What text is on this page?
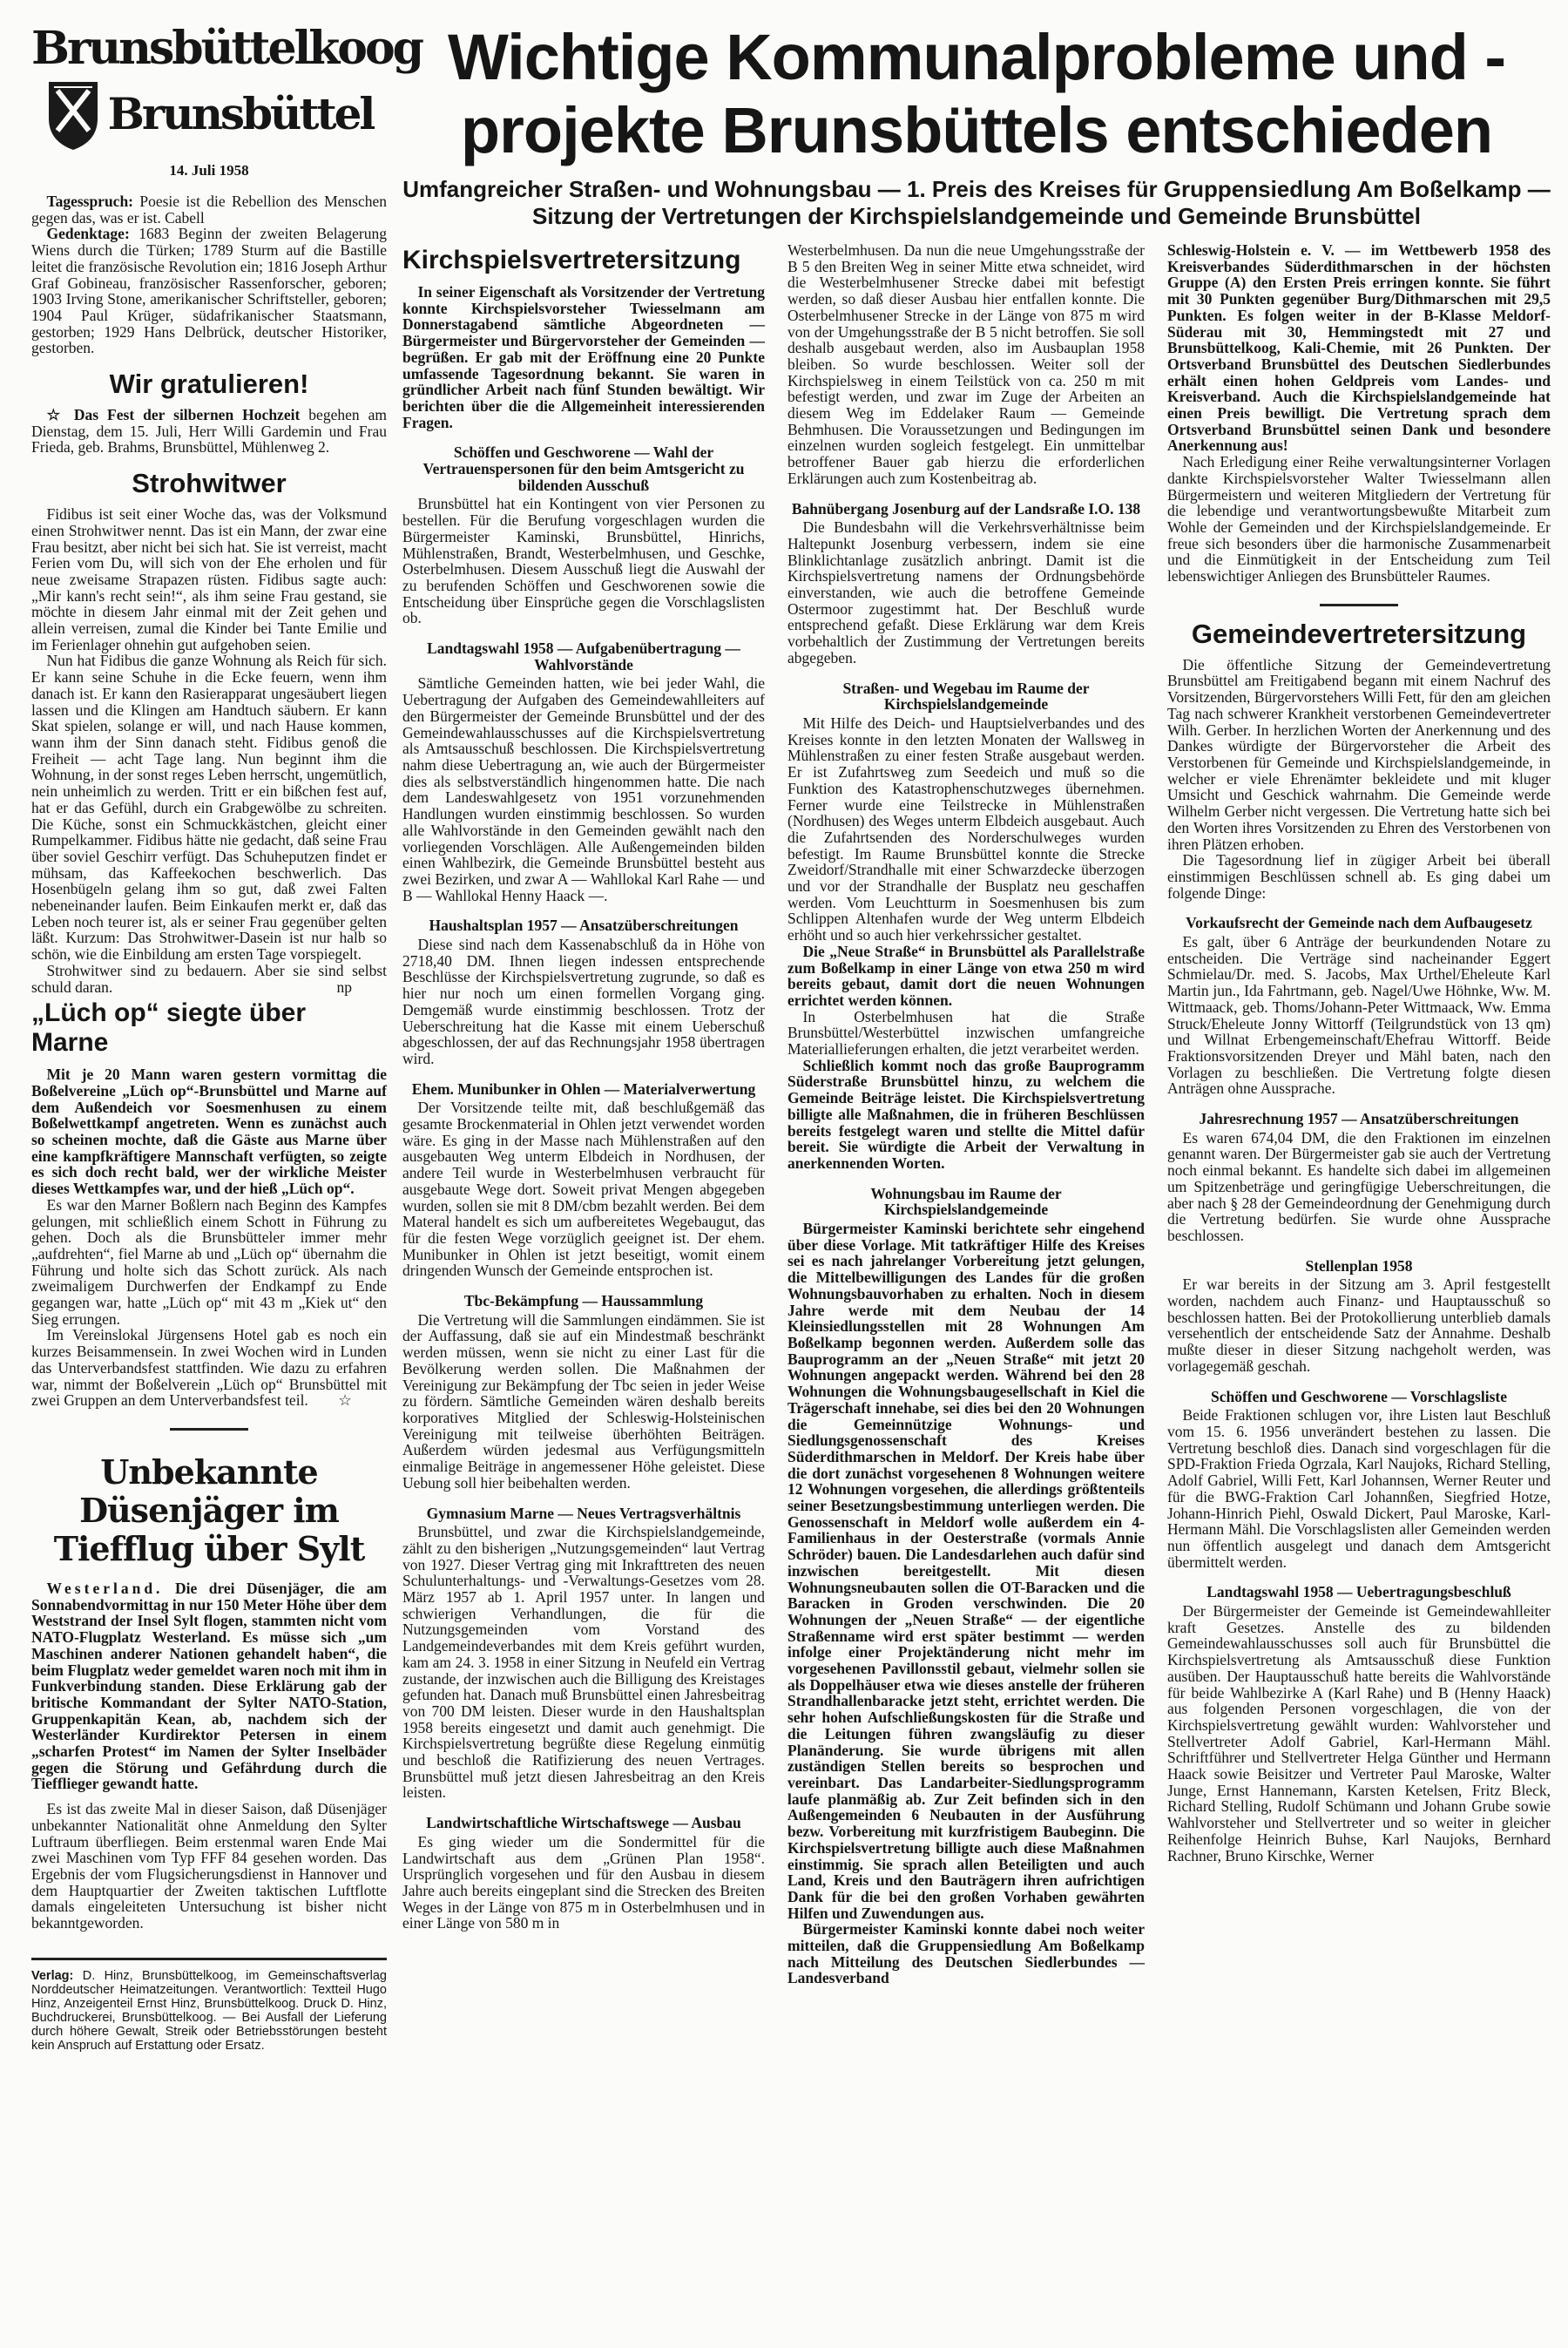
Brunsbüttelkoog
Brunsbüttel
14. Juli 1958
Tagesspruch: Poesie ist die Rebellion des Menschen gegen das, was er ist. Cabell
Gedenktage: 1683 Beginn der zweiten Belagerung Wiens durch die Türken; 1789 Sturm auf die Bastille leitet die französische Revolution ein; 1816 Joseph Arthur Graf Gobineau, französischer Rassenforscher, geboren; 1903 Irving Stone, amerikanischer Schriftsteller, geboren; 1904 Paul Krüger, südafrikanischer Staatsmann, gestorben; 1929 Hans Delbrück, deutscher Historiker, gestorben.
Wir gratulieren!
☆ Das Fest der silbernen Hochzeit begehen am Dienstag, dem 15. Juli, Herr Willi Gardemin und Frau Frieda, geb. Brahms, Brunsbüttel, Mühlenweg 2.
Strohwitwer
Fidibus ist seit einer Woche das, was der Volksmund einen Strohwitwer nennt. Das ist ein Mann, der zwar eine Frau besitzt, aber nicht bei sich hat. Sie ist verreist, macht Ferien vom Du, will sich von der Ehe erholen und für neue zweisame Strapazen rüsten. Fidibus sagte auch: „Mir kann's recht sein!“, als ihm seine Frau gestand, sie möchte in diesem Jahr einmal mit der Zeit gehen und allein verreisen, zumal die Kinder bei Tante Emilie und im Ferienlager ohnehin gut aufgehoben seien.
Nun hat Fidibus die ganze Wohnung als Reich für sich. Er kann seine Schuhe in die Ecke feuern, wenn ihm danach ist. Er kann den Rasierapparat ungesäubert liegen lassen und die Klingen am Handtuch säubern. Er kann Skat spielen, solange er will, und nach Hause kommen, wann ihm der Sinn danach steht. Fidibus genoß die Freiheit — acht Tage lang. Nun beginnt ihm die Wohnung, in der sonst reges Leben herrscht, ungemütlich, nein unheimlich zu werden. Tritt er ein bißchen fest auf, hat er das Gefühl, durch ein Grabgewölbe zu schreiten. Die Küche, sonst ein Schmuckkästchen, gleicht einer Rumpelkammer. Fidibus hätte nie gedacht, daß seine Frau über soviel Geschirr verfügt. Das Schuheputzen findet er mühsam, das Kaffeekochen beschwerlich. Das Hosenbügeln gelang ihm so gut, daß zwei Falten nebeneinander laufen. Beim Einkaufen merkt er, daß das Leben noch teurer ist, als er seiner Frau gegenüber gelten läßt. Kurzum: Das Strohwitwer-Dasein ist nur halb so schön, wie die Einbildung am ersten Tage vorspiegelt.
Strohwitwer sind zu bedauern. Aber sie sind selbst schuld daran.	np
„Lüch op“ siegte über Marne
Mit je 20 Mann waren gestern vormittag die Boßelvereine „Lüch op“-Brunsbüttel und Marne auf dem Außendeich vor Soesmenhusen zu einem Boßelwettkampf angetreten. Wenn es zunächst auch so scheinen mochte, daß die Gäste aus Marne über eine kampfkräftigere Mannschaft verfügten, so zeigte es sich doch recht bald, wer der wirkliche Meister dieses Wettkampfes war, und der hieß „Lüch op“.
Es war den Marner Boßlern nach Beginn des Kampfes gelungen, mit schließlich einem Schott in Führung zu gehen. Doch als die Brunsbütteler immer mehr „aufdrehten“, fiel Marne ab und „Lüch op“ übernahm die Führung und holte sich das Schott zurück. Als nach zweimaligem Durchwerfen der Endkampf zu Ende gegangen war, hatte „Lüch op“ mit 43 m „Kiek ut“ den Sieg errungen.
Im Vereinslokal Jürgensens Hotel gab es noch ein kurzes Beisammensein. In zwei Wochen wird in Lunden das Unterverbandsfest stattfinden. Wie dazu zu erfahren war, nimmt der Boßelverein „Lüch op“ Brunsbüttel mit zwei Gruppen an dem Unterverbandsfest teil.	☆
Unbekannte Düsenjäger im Tiefflug über Sylt
Westerland. Die drei Düsenjäger, die am Sonnabendvormittag in nur 150 Meter Höhe über dem Weststrand der Insel Sylt flogen, stammten nicht vom NATO-Flugplatz Westerland. Es müsse sich „um Maschinen anderer Nationen gehandelt haben“, die beim Flugplatz weder gemeldet waren noch mit ihm in Funkverbindung standen. Diese Erklärung gab der britische Kommandant der Sylter NATO-Station, Gruppenkapitän Kean, ab, nachdem sich der Westerländer Kurdirektor Petersen in einem „scharfen Protest“ im Namen der Sylter Inselbäder gegen die Störung und Gefährdung durch die Tiefflieger gewandt hatte.
Es ist das zweite Mal in dieser Saison, daß Düsenjäger unbekannter Nationalität ohne Anmeldung den Sylter Luftraum überfliegen. Beim erstenmal waren Ende Mai zwei Maschinen vom Typ FFF 84 gesehen worden. Das Ergebnis der vom Flugsicherungsdienst in Hannover und dem Hauptquartier der Zweiten taktischen Luftflotte damals eingeleiteten Untersuchung ist bisher nicht bekanntgeworden.
Verlag: D. Hinz, Brunsbüttelkoog, im Gemeinschaftsverlag Norddeutscher Heimatzeitungen. Verantwortlich: Textteil Hugo Hinz, Anzeigenteil Ernst Hinz, Brunsbüttelkoog. Druck D. Hinz, Buchdruckerei, Brunsbüttelkoog. — Bei Ausfall der Lieferung durch höhere Gewalt, Streik oder Betriebsstörungen besteht kein Anspruch auf Erstattung oder Ersatz.
Wichtige Kommunalprobleme und -projekte Brunsbüttels entschieden
Umfangreicher Straßen- und Wohnungsbau — 1. Preis des Kreises für Gruppensiedlung Am Boßelkamp — Sitzung der Vertretungen der Kirchspielslandgemeinde und Gemeinde Brunsbüttel
Kirchspielsvertretersitzung
In seiner Eigenschaft als Vorsitzender der Vertretung konnte Kirchspielsvorsteher Twiesselmann am Donnerstagabend sämtliche Abgeordneten — Bürgermeister und Bürgervorsteher der Gemeinden — begrüßen. Er gab mit der Eröffnung eine 20 Punkte umfassende Tagesordnung bekannt. Sie waren in gründlicher Arbeit nach fünf Stunden bewältigt. Wir berichten über die die Allgemeinheit interessierenden Fragen.
Schöffen und Geschworene — Wahl der Vertrauenspersonen für den beim Amtsgericht zu bildenden Ausschuß
Brunsbüttel hat ein Kontingent von vier Personen zu bestellen. Für die Berufung vorgeschlagen wurden die Bürgermeister Kaminski, Brunsbüttel, Hinrichs, Mühlenstraßen, Brandt, Westerbelmhusen, und Geschke, Osterbelmhusen. Diesem Ausschuß liegt die Auswahl der zu berufenden Schöffen und Geschworenen sowie die Entscheidung über Einsprüche gegen die Vorschlagslisten ob.
Landtagswahl 1958 — Aufgabenübertragung — Wahlvorstände
Sämtliche Gemeinden hatten, wie bei jeder Wahl, die Uebertragung der Aufgaben des Gemeindewahlleiters auf den Bürgermeister der Gemeinde Brunsbüttel und der des Gemeindewahlausschusses auf die Kirchspielsvertretung als Amtsausschuß beschlossen. Die Kirchspielsvertretung nahm diese Uebertragung an, wie auch der Bürgermeister dies als selbstverständlich hingenommen hatte. Die nach dem Landeswahlgesetz von 1951 vorzunehmenden Handlungen wurden einstimmig beschlossen. So wurden alle Wahlvorstände in den Gemeinden gewählt nach den vorliegenden Vorschlägen. Alle Außengemeinden bilden einen Wahlbezirk, die Gemeinde Brunsbüttel besteht aus zwei Bezirken, und zwar A — Wahllokal Karl Rahe — und B — Wahllokal Henny Haack —.
Haushaltsplan 1957 — Ansatzüberschreitungen
Diese sind nach dem Kassenabschluß da in Höhe von 2718,40 DM. Ihnen liegen indessen entsprechende Beschlüsse der Kirchspielsvertretung zugrunde, so daß es hier nur noch um einen formellen Vorgang ging. Demgemäß wurde einstimmig beschlossen. Trotz der Ueberschreitung hat die Kasse mit einem Ueberschuß abgeschlossen, der auf das Rechnungsjahr 1958 übertragen wird.
Ehem. Munibunker in Ohlen — Materialverwertung
Der Vorsitzende teilte mit, daß beschlußgemäß das gesamte Brockenmaterial in Ohlen jetzt verwendet worden wäre. Es ging in der Masse nach Mühlenstraßen auf den ausgebauten Weg unterm Elbdeich in Nordhusen, der andere Teil wurde in Westerbelmhusen verbraucht für ausgebaute Wege dort. Soweit privat Mengen abgegeben wurden, sollen sie mit 8 DM/cbm bezahlt werden. Bei dem Materal handelt es sich um aufbereitetes Wegebaugut, das für die festen Wege vorzüglich geeignet ist. Der ehem. Munibunker in Ohlen ist jetzt beseitigt, womit einem dringenden Wunsch der Gemeinde entsprochen ist.
Tbc-Bekämpfung — Haussammlung
Die Vertretung will die Sammlungen eindämmen. Sie ist der Auffassung, daß sie auf ein Mindestmaß beschränkt werden müssen, wenn sie nicht zu einer Last für die Bevölkerung werden sollen. Die Maßnahmen der Vereinigung zur Bekämpfung der Tbc seien in jeder Weise zu fördern. Sämtliche Gemeinden wären deshalb bereits korporatives Mitglied der Schleswig-Holsteinischen Vereinigung mit teilweise überhöhten Beiträgen. Außerdem würden jedesmal aus Verfügungsmitteln einmalige Beiträge in angemessener Höhe geleistet. Diese Uebung soll hier beibehalten werden.
Gymnasium Marne — Neues Vertragsverhältnis
Brunsbüttel, und zwar die Kirchspielslandgemeinde, zählt zu den bisherigen „Nutzungsgemeinden“ laut Vertrag von 1927. Dieser Vertrag ging mit Inkrafttreten des neuen Schulunterhaltungs- und -Verwaltungs-Gesetzes vom 28. März 1957 ab 1. April 1957 unter. In langen und schwierigen Verhandlungen, die für die Nutzungsgemeinden vom Vorstand des Landgemeindeverbandes mit dem Kreis geführt wurden, kam am 24. 3. 1958 in einer Sitzung in Neufeld ein Vertrag zustande, der inzwischen auch die Billigung des Kreistages gefunden hat. Danach muß Brunsbüttel einen Jahresbeitrag von 700 DM leisten. Dieser wurde in den Haushaltsplan 1958 bereits eingesetzt und damit auch genehmigt. Die Kirchspielsvertretung begrüßte diese Regelung einmütig und beschloß die Ratifizierung des neuen Vertrages. Brunsbüttel muß jetzt diesen Jahresbeitrag an den Kreis leisten.
Landwirtschaftliche Wirtschaftswege — Ausbau
Es ging wieder um die Sondermittel für die Landwirtschaft aus dem „Grünen Plan 1958“. Ursprünglich vorgesehen und für den Ausbau in diesem Jahre auch bereits eingeplant sind die Strecken des Breiten Weges in der Länge von 875 m in Osterbelmhusen und in einer Länge von 580 m in
Westerbelmhusen. Da nun die neue Umgehungsstraße der B 5 den Breiten Weg in seiner Mitte etwa schneidet, wird die Westerbelmhusener Strecke dabei mit befestigt werden, so daß dieser Ausbau hier entfallen konnte. Die Osterbelmhusener Strecke in der Länge von 875 m wird von der Umgehungsstraße der B 5 nicht betroffen. Sie soll deshalb ausgebaut werden, also im Ausbauplan 1958 bleiben. So wurde beschlossen. Weiter soll der Kirchspielsweg in einem Teilstück von ca. 250 m mit befestigt werden, und zwar im Zuge der Arbeiten an diesem Weg im Eddelaker Raum — Gemeinde Behmhusen. Die Voraussetzungen und Bedingungen im einzelnen wurden sogleich festgelegt. Ein unmittelbar betroffener Bauer gab hierzu die erforderlichen Erklärungen auch zum Kostenbeitrag ab.
Bahnübergang Josenburg auf der Landsraße I.O. 138
Die Bundesbahn will die Verkehrsverhältnisse beim Haltepunkt Josenburg verbessern, indem sie eine Blinklichtanlage zusätzlich anbringt. Damit ist die Kirchspielsvertretung namens der Ordnungsbehörde einverstanden, wie auch die betroffene Gemeinde Ostermoor zugestimmt hat. Der Beschluß wurde entsprechend gefaßt. Diese Erklärung war dem Kreis vorbehaltlich der Zustimmung der Vertretungen bereits abgegeben.
Straßen- und Wegebau im Raume der Kirchspielslandgemeinde
Mit Hilfe des Deich- und Hauptsielverbandes und des Kreises konnte in den letzten Monaten der Wallsweg in Mühlenstraßen zu einer festen Straße ausgebaut werden. Er ist Zufahrtsweg zum Seedeich und muß so die Funktion des Katastrophenschutzweges übernehmen. Ferner wurde eine Teilstrecke in Mühlenstraßen (Nordhusen) des Weges unterm Elbdeich ausgebaut. Auch die Zufahrtsenden des Norderschulweges wurden befestigt. Im Raume Brunsbüttel konnte die Strecke Zweidorf/Strandhalle mit einer Schwarzdecke überzogen und vor der Strandhalle der Busplatz neu geschaffen werden. Vom Leuchtturm in Soesmenhusen bis zum Schlippen Altenhafen wurde der Weg unterm Elbdeich erhöht und so auch hier verkehrssicher gestaltet.
Die „Neue Straße“ in Brunsbüttel als Parallelstraße zum Boßelkamp in einer Länge von etwa 250 m wird bereits gebaut, damit dort die neuen Wohnungen errichtet werden können.
In Osterbelmhusen hat die Straße Brunsbüttel/Westerbüttel inzwischen umfangreiche Materiallieferungen erhalten, die jetzt verarbeitet werden.
Schließlich kommt noch das große Bauprogramm Süderstraße Brunsbüttel hinzu, zu welchem die Gemeinde Beiträge leistet. Die Kirchspielsvertretung billigte alle Maßnahmen, die in früheren Beschlüssen bereits festgelegt waren und stellte die Mittel dafür bereit. Sie würdigte die Arbeit der Verwaltung in anerkennenden Worten.
Wohnungsbau im Raume der Kirchspielslandgemeinde
Bürgermeister Kaminski berichtete sehr eingehend über diese Vorlage. Mit tatkräftiger Hilfe des Kreises sei es nach jahrelanger Vorbereitung jetzt gelungen, die Mittelbewilligungen des Landes für die großen Wohnungsbauvorhaben zu erhalten. Noch in diesem Jahre werde mit dem Neubau der 14 Kleinsiedlungsstellen mit 28 Wohnungen Am Boßelkamp begonnen werden. Außerdem solle das Bauprogramm an der „Neuen Straße“ mit jetzt 20 Wohnungen angepackt werden. Während bei den 28 Wohnungen die Wohnungsbaugesellschaft in Kiel die Trägerschaft innehabe, sei dies bei den 20 Wohnungen die Gemeinnützige Wohnungs- und Siedlungsgenossenschaft des Kreises Süderdithmarschen in Meldorf. Der Kreis habe über die dort zunächst vorgesehenen 8 Wohnungen weitere 12 Wohnungen vorgesehen, die allerdings größtenteils seiner Besetzungsbestimmung unterliegen werden. Die Genossenschaft in Meldorf wolle außerdem ein 4-Familienhaus in der Oesterstraße (vormals Annie Schröder) bauen. Die Landesdarlehen auch dafür sind inzwischen bereitgestellt. Mit diesen Wohnungsneubauten sollen die OT-Baracken und die Baracken in Groden verschwinden. Die 20 Wohnungen der „Neuen Straße“ — der eigentliche Straßenname wird erst später bestimmt — werden infolge einer Projektänderung nicht mehr im vorgesehenen Pavillonsstil gebaut, vielmehr sollen sie als Doppelhäuser etwa wie dieses anstelle der früheren Strandhallenbaracke jetzt steht, errichtet werden. Die sehr hohen Aufschließungskosten für die Straße und die Leitungen führen zwangsläufig zu dieser Planänderung. Sie wurde übrigens mit allen zuständigen Stellen bereits so besprochen und vereinbart. Das Landarbeiter-Siedlungsprogramm laufe planmäßig ab. Zur Zeit befinden sich in den Außengemeinden 6 Neubauten in der Ausführung bezw. Vorbereitung mit kurzfristigem Baubeginn. Die Kirchspielsvertretung billigte auch diese Maßnahmen einstimmig. Sie sprach allen Beteiligten und auch Land, Kreis und den Bauträgern ihren aufrichtigen Dank für die bei den großen Vorhaben gewährten Hilfen und Zuwendungen aus.
Bürgermeister Kaminski konnte dabei noch weiter mitteilen, daß die Gruppensiedlung Am Boßelkamp nach Mitteilung des Deutschen Siedlerbundes — Landesverband
Schleswig-Holstein e. V. — im Wettbewerb 1958 des Kreisverbandes Süderdithmarschen in der höchsten Gruppe (A) den Ersten Preis erringen konnte. Sie führt mit 30 Punkten gegenüber Burg/Dithmarschen mit 29,5 Punkten. Es folgen weiter in der B-Klasse Meldorf-Süderau mit 30, Hemmingstedt mit 27 und Brunsbüttelkoog, Kali-Chemie, mit 26 Punkten. Der Ortsverband Brunsbüttel des Deutschen Siedlerbundes erhält einen hohen Geldpreis vom Landes- und Kreisverband. Auch die Kirchspielslandgemeinde hat einen Preis bewilligt. Die Vertretung sprach dem Ortsverband Brunsbüttel seinen Dank und besondere Anerkennung aus!
Nach Erledigung einer Reihe verwaltungsinterner Vorlagen dankte Kirchspielsvorsteher Walter Twiesselmann allen Bürgermeistern und weiteren Mitgliedern der Vertretung für die lebendige und verantwortungsbewußte Mitarbeit zum Wohle der Gemeinden und der Kirchspielslandgemeinde. Er freue sich besonders über die harmonische Zusammenarbeit und die Einmütigkeit in der Entscheidung zum Teil lebenswichtiger Anliegen des Brunsbütteler Raumes.
Gemeindevertretersitzung
Die öffentliche Sitzung der Gemeindevertretung Brunsbüttel am Freitigabend begann mit einem Nachruf des Vorsitzenden, Bürgervorstehers Willi Fett, für den am gleichen Tag nach schwerer Krankheit verstorbenen Gemeindevertreter Wilh. Gerber. In herzlichen Worten der Anerkennung und des Dankes würdigte der Bürgervorsteher die Arbeit des Verstorbenen für Gemeinde und Kirchspielslandgemeinde, in welcher er viele Ehrenämter bekleidete und mit kluger Umsicht und Geschick wahrnahm. Die Gemeinde werde Wilhelm Gerber nicht vergessen. Die Vertretung hatte sich bei den Worten ihres Vorsitzenden zu Ehren des Verstorbenen von ihren Plätzen erhoben.
Die Tagesordnung lief in zügiger Arbeit bei überall einstimmigen Beschlüssen schnell ab. Es ging dabei um folgende Dinge:
Vorkaufsrecht der Gemeinde nach dem Aufbaugesetz
Es galt, über 6 Anträge der beurkundenden Notare zu entscheiden. Die Verträge sind nacheinander Eggert Schmielau/Dr. med. S. Jacobs, Max Urthel/Eheleute Karl Martin jun., Ida Fahrtmann, geb. Nagel/Uwe Höhnke, Ww. M. Wittmaack, geb. Thoms/Johann-Peter Wittmaack, Ww. Emma Struck/Eheleute Jonny Wittorff (Teilgrundstück von 13 qm) und Willnat Erbengemeinschaft/Ehefrau Wittorff. Beide Fraktionsvorsitzenden Dreyer und Mähl baten, nach den Vorlagen zu beschließen. Die Vertretung folgte diesen Anträgen ohne Aussprache.
Jahresrechnung 1957 — Ansatzüberschreitungen
Es waren 674,04 DM, die den Fraktionen im einzelnen genannt waren. Der Bürgermeister gab sie auch der Vertretung noch einmal bekannt. Es handelte sich dabei im allgemeinen um Spitzenbeträge und geringfügige Ueberschreitungen, die aber nach § 28 der Gemeindeordnung der Genehmigung durch die Vertretung bedürfen. Sie wurde ohne Aussprache beschlossen.
Stellenplan 1958
Er war bereits in der Sitzung am 3. April festgestellt worden, nachdem auch Finanz- und Hauptausschuß so beschlossen hatten. Bei der Protokollierung unterblieb damals versehentlich der entscheidende Satz der Annahme. Deshalb mußte dieser in dieser Sitzung nachgeholt werden, was vorlagegemäß geschah.
Schöffen und Geschworene — Vorschlagsliste
Beide Fraktionen schlugen vor, ihre Listen laut Beschluß vom 15. 6. 1956 unverändert bestehen zu lassen. Die Vertretung beschloß dies. Danach sind vorgeschlagen für die SPD-Fraktion Frieda Ogrzala, Karl Naujoks, Richard Stelling, Adolf Gabriel, Willi Fett, Karl Johannsen, Werner Reuter und für die BWG-Fraktion Carl Johannßen, Siegfried Hotze, Johann-Hinrich Piehl, Oswald Dickert, Paul Maroske, Karl-Hermann Mähl. Die Vorschlagslisten aller Gemeinden werden nun öffentlich ausgelegt und danach dem Amtsgericht übermittelt werden.
Landtagswahl 1958 — Uebertragungsbeschluß
Der Bürgermeister der Gemeinde ist Gemeindewahlleiter kraft Gesetzes. Anstelle des zu bildenden Gemeindewahlausschusses soll auch für Brunsbüttel die Kirchspielsvertretung als Amtsausschuß diese Funktion ausüben. Der Hauptausschuß hatte bereits die Wahlvorstände für beide Wahlbezirke A (Karl Rahe) und B (Henny Haack) aus folgenden Personen vorgeschlagen, die von der Kirchspielsvertretung gewählt wurden: Wahlvorsteher und Stellvertreter Adolf Gabriel, Karl-Hermann Mähl. Schriftführer und Stellvertreter Helga Günther und Hermann Haack sowie Beisitzer und Vertreter Paul Maroske, Walter Junge, Ernst Hannemann, Karsten Ketelsen, Fritz Bleck, Richard Stelling, Rudolf Schümann und Johann Grube sowie Wahlvorsteher und Stellvertreter und so weiter in gleicher Reihenfolge Heinrich Buhse, Karl Naujoks, Bernhard Rachner, Bruno Kirschke, Werner
